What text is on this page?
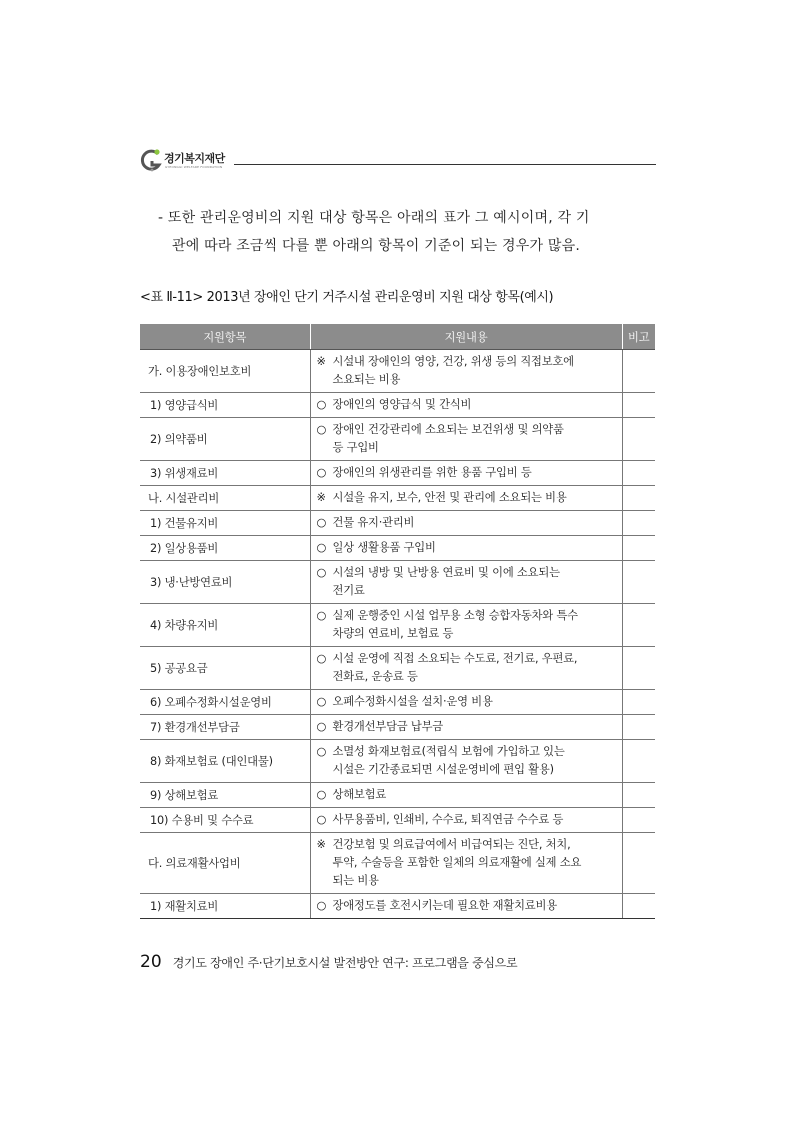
경기복지재단
GYEONGGI WELFARE FOUNDATION
- 또한 관리운영비의 지원 대상 항목은 아래의 표가 그 예시이며, 각 기
관에 따라 조금씩 다를 뿐 아래의 항목이 기준이 되는 경우가 많음.
<표 Ⅱ-11> 2013년 장애인 단기 거주시설 관리운영비 지원 대상 항목(예시)
지원항목	지원내용	비고
가. 이용장애인보호비	※ 시설내 장애인의 영양, 건강, 위생 등의 직접보호에
소요되는 비용	

1) 영양급식비	○ 장애인의 영양급식 및 간식비	

2) 의약품비	○ 장애인 건강관리에 소요되는 보건위생 및 의약품
등 구입비	

3) 위생재료비	○ 장애인의 위생관리를 위한 용품 구입비 등	

나. 시설관리비	※ 시설을 유지, 보수, 안전 및 관리에 소요되는 비용	

1) 건물유지비	○ 건물 유지·관리비	

2) 일상용품비	○ 일상 생활용품 구입비	

3) 냉·난방연료비	○ 시설의 냉방 및 난방용 연료비 및 이에 소요되는
전기료	

4) 차량유지비	○ 실제 운행중인 시설 업무용 소형 승합자동차와 특수
차량의 연료비, 보험료 등	

5) 공공요금	○ 시설 운영에 직접 소요되는 수도료, 전기료, 우편료,
전화료, 운송료 등	

6) 오폐수정화시설운영비	○ 오폐수정화시설을 설치·운영 비용	

7) 환경개선부담금	○ 환경개선부담금 납부금	

8) 화재보험료 (대인대물)	○ 소멸성 화재보험료(적립식 보험에 가입하고 있는
시설은 기간종료되면 시설운영비에 편입 활용)	

9) 상해보험료	○ 상해보험료	

10) 수용비 및 수수료	○ 사무용품비, 인쇄비, 수수료, 퇴직연금 수수료 등	

다. 의료재활사업비	※ 건강보험 및 의료급여에서 비급여되는 진단, 처치,
투약, 수술등을 포함한 일체의 의료재활에 실제 소요
되는 비용	

1) 재활치료비	○ 장애정도를 호전시키는데 필요한 재활치료비용	

20 경기도 장애인 주·단기보호시설 발전방안 연구: 프로그램을 중심으로
